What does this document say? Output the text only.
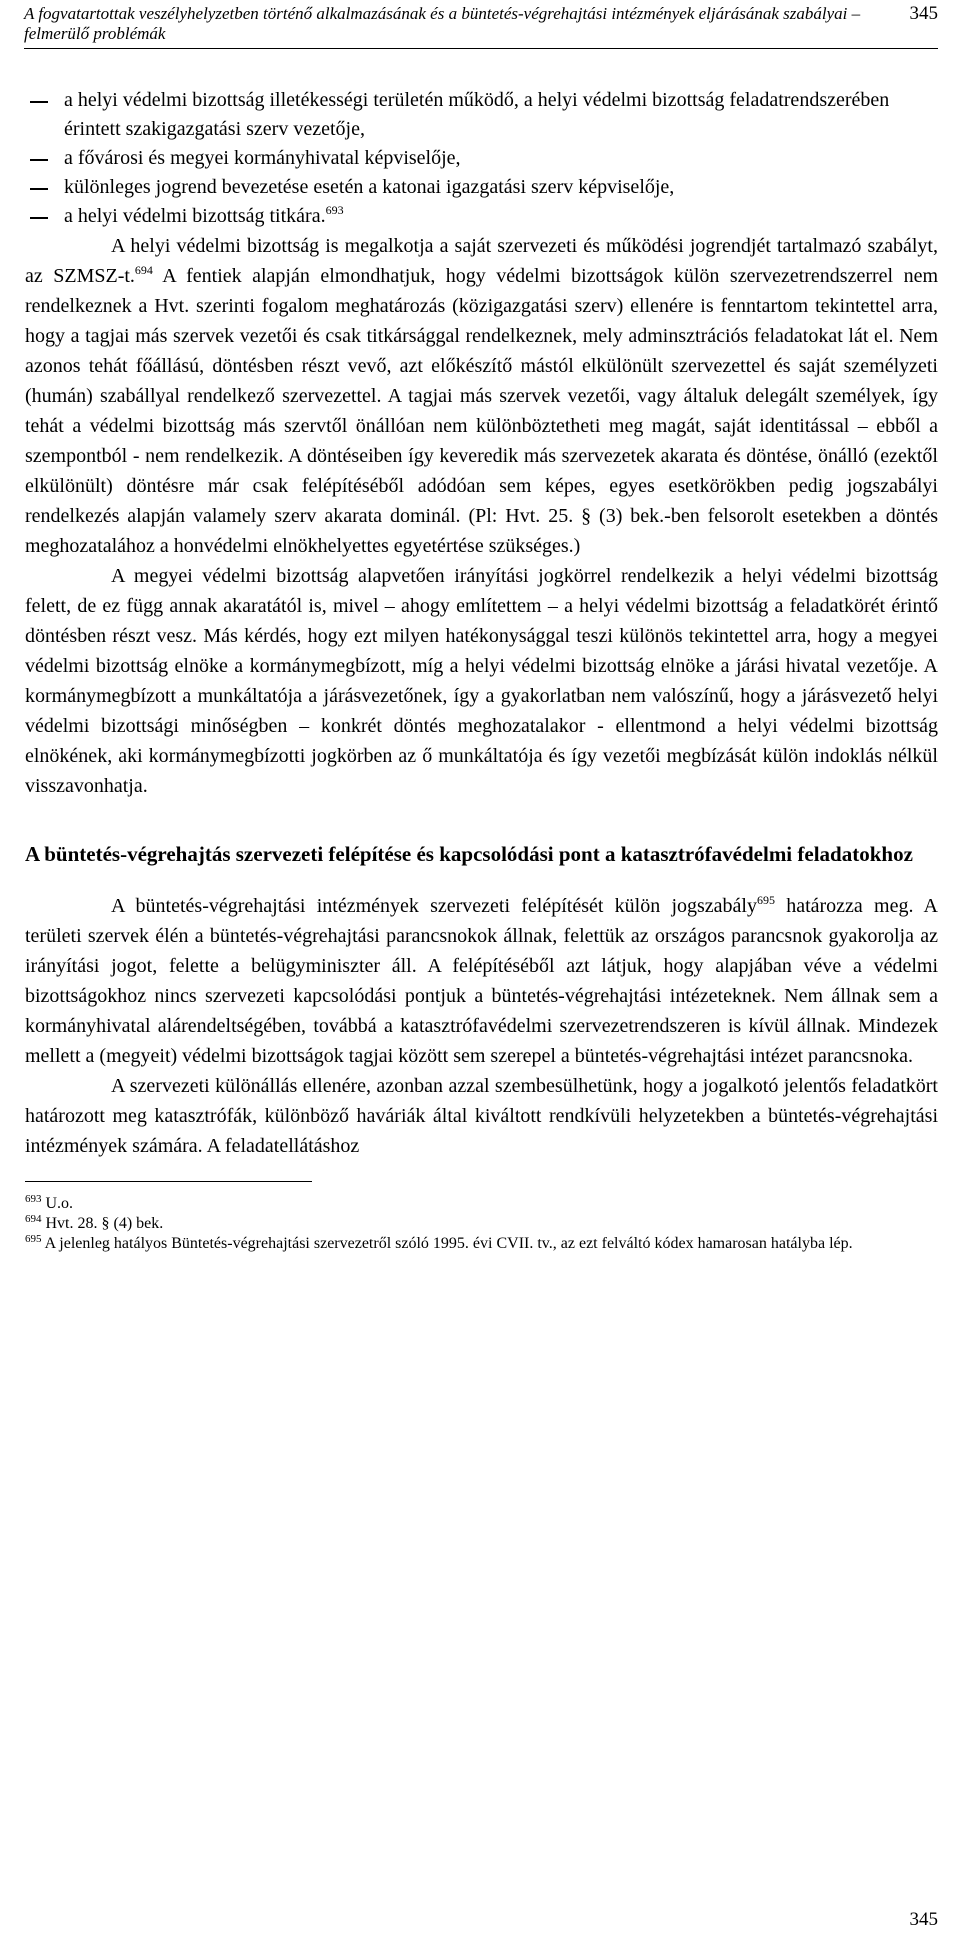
A fogvatartottak veszélyhelyzetben történő alkalmazásának és a büntetés-végrehajtási intézmények eljárásának szabályai – felmerülő problémák
345
a helyi védelmi bizottság illetékességi területén működő, a helyi védelmi bizottság feladatrendszerében érintett szakigazgatási szerv vezetője,
a fővárosi és megyei kormányhivatal képviselője,
különleges jogrend bevezetése esetén a katonai igazgatási szerv képviselője,
a helyi védelmi bizottság titkára.$^{693}$

A helyi védelmi bizottság is megalkotja a saját szervezeti és működési jogrendjét tartalmazó szabályt, az SZMSZ-t.$^{694}$ A fentiek alapján elmondhatjuk, hogy védelmi bizottságok külön szervezetrendszerrel nem rendelkeznek a Hvt. szerinti fogalom meghatározás (közigazgatási szerv) ellenére is fenntartom tekintettel arra, hogy a tagjai más szervek vezetői és csak titkársággal rendelkeznek, mely adminsztrációs feladatokat lát el. Nem azonos tehát főállású, döntésben részt vevő, azt előkészítő mástól elkülönült szervezettel és saját személyzeti (humán) szabállyal rendelkező szervezettel. A tagjai más szervek vezetői, vagy általuk delegált személyek, így tehát a védelmi bizottság más szervtől önállóan nem különböztetheti meg magát, saját identitással – ebből a szempontból - nem rendelkezik. A döntéseiben így keveredik más szervezetek akarata és döntése, önálló (ezektől elkülönült) döntésre már csak felépítéséből adódóan sem képes, egyes esetkörökben pedig jogszabályi rendelkezés alapján valamely szerv akarata dominál. (Pl: Hvt. 25. § (3) bek.-ben felsorolt esetekben a döntés meghozatalához a honvédelmi elnökhelyettes egyetértése szükséges.)

A megyei védelmi bizottság alapvetően irányítási jogkörrel rendelkezik a helyi védelmi bizottság felett, de ez függ annak akaratától is, mivel – ahogy említettem – a helyi védelmi bizottság a feladatkörét érintő döntésben részt vesz. Más kérdés, hogy ezt milyen hatékonysággal teszi különös tekintettel arra, hogy a megyei védelmi bizottság elnöke a kormánymegbízott, míg a helyi védelmi bizottság elnöke a járási hivatal vezetője. A kormánymegbízott a munkáltatója a járásvezetőnek, így a gyakorlatban nem valószínű, hogy a járásvezető helyi védelmi bizottsági minőségben – konkrét döntés meghozatalakor - ellentmond a helyi védelmi bizottság elnökének, aki kormánymegbízotti jogkörben az ő munkáltatója és így vezetői megbízását külön indoklás nélkül visszavonhatja.

A büntetés-végrehajtás szervezeti felépítése és kapcsolódási pont a katasztrófavédelmi feladatokhoz

A büntetés-végrehajtási intézmények szervezeti felépítését külön jogszabály$^{695}$ határozza meg. A területi szervek élén a büntetés-végrehajtási parancsnokok állnak, felettük az országos parancsnok gyakorolja az irányítási jogot, felette a belügyminiszter áll. A felépítéséből azt látjuk, hogy alapjában véve a védelmi bizottságokhoz nincs szervezeti kapcsolódási pontjuk a büntetés-végrehajtási intézeteknek. Nem állnak sem a kormányhivatal alárendeltségében, továbbá a katasztrófavédelmi szervezetrendszeren is kívül állnak. Mindezek mellett a (megyeit) védelmi bizottságok tagjai között sem szerepel a büntetés-végrehajtási intézet parancsnoka.

A szervezeti különállás ellenére, azonban azzal szembesülhetünk, hogy a jogalkotó jelentős feladatkört határozott meg katasztrófák, különböző haváriák által kiváltott rendkívüli helyzetekben a büntetés-végrehajtási intézmények számára. A feladatellátáshoz

$^{693}$ U.o.
$^{694}$ Hvt. 28. § (4) bek.
$^{695}$ A jelenleg hatályos Büntetés-végrehajtási szervezetről szóló 1995. évi CVII. tv., az ezt felváltó kódex hamarosan hatályba lép.
345
